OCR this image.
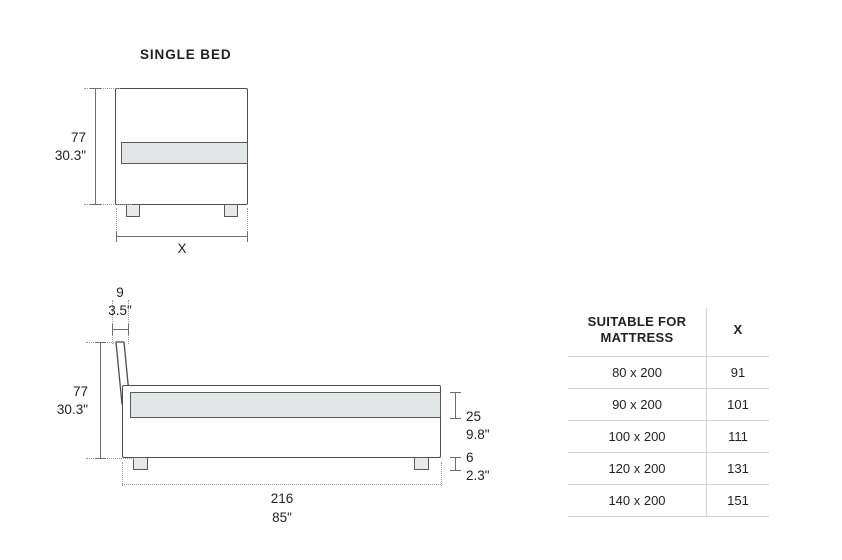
SINGLE BED
77
30.3"
X
9
3.5"
77
30.3"
216
85"
25
9.8"
6
2.3"
SUITABLE FOR
MATTRESS	X
80 x 200	91
90 x 200	101
100 x 200	111
120 x 200	131
140 x 200	151
